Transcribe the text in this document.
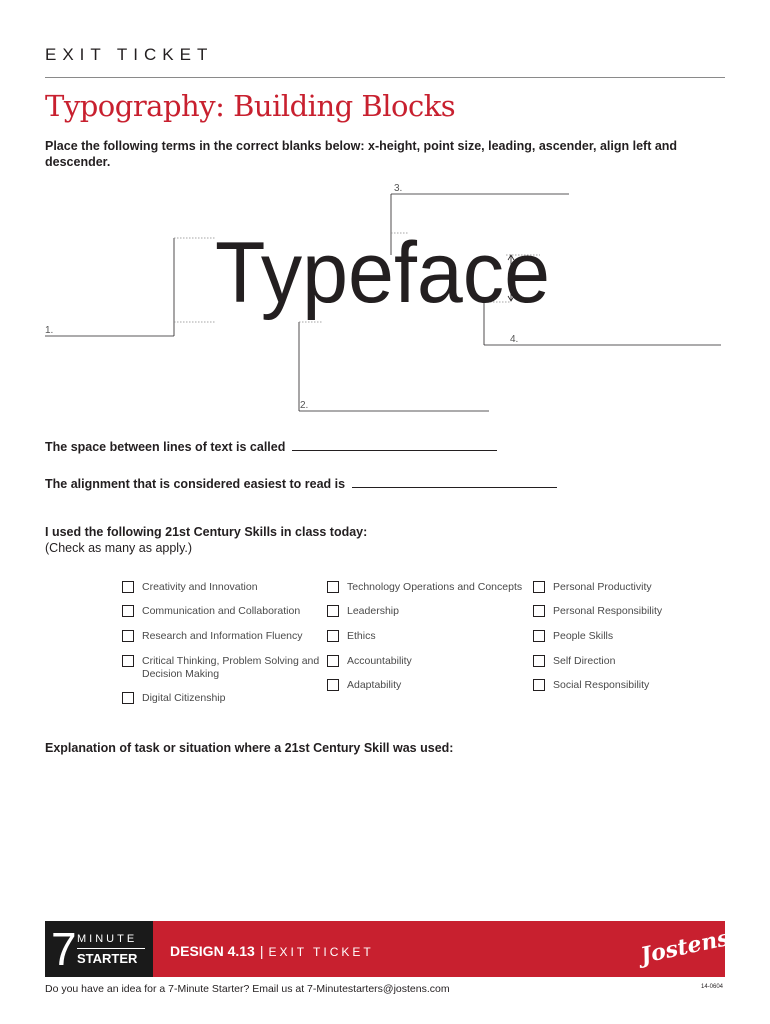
EXIT TICKET
Typography: Building Blocks
Place the following terms in the correct blanks below: x-height, point size, leading, ascender, align left and descender.
Typeface
1.
2.
3.
4.
The space between lines of text is called
The alignment that is considered easiest to read is
I used the following 21st Century Skills in class today:
(Check as many as apply.)
Creativity and Innovation
Communication and Collaboration
Research and Information Fluency
Critical Thinking, Problem Solving and Decision Making
Digital Citizenship
Technology Operations and Concepts
Leadership
Ethics
Accountability
Adaptability
Personal Productivity
Personal Responsibility
People Skills
Self Direction
Social Responsibility
Explanation of task or situation where a 21st Century Skill was used:
7 MINUTE
STARTER DESIGN 4.13 | EXIT TICKET	Jostens
Do you have an idea for a 7-Minute Starter? Email us at 7-Minutestarters@jostens.com	14-0604
